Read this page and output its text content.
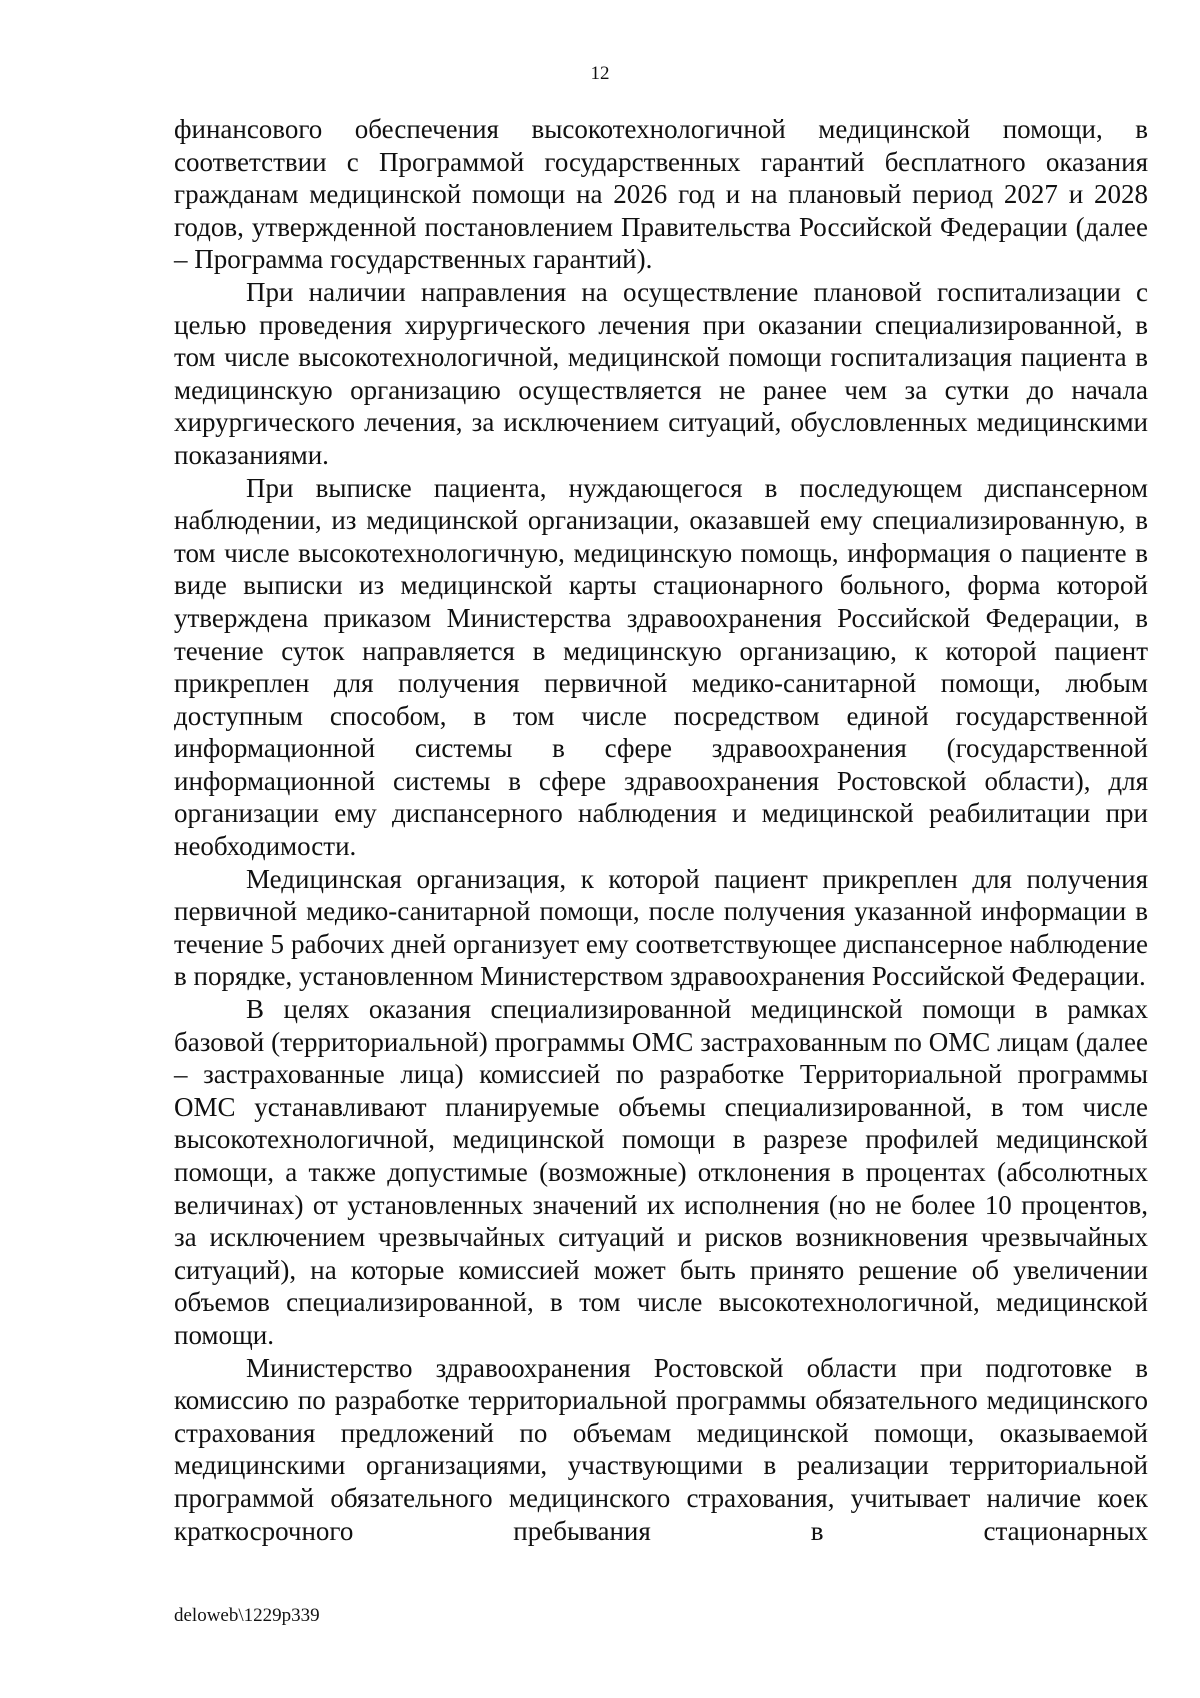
12

финансового обеспечения высокотехнологичной медицинской помощи, в соответствии с Программой государственных гарантий бесплатного оказания гражданам медицинской помощи на 2026 год и на плановый период 2027 и 2028 годов, утвержденной постановлением Правительства Российской Федерации (далее – Программа государственных гарантий).

При наличии направления на осуществление плановой госпитализации с целью проведения хирургического лечения при оказании специализированной, в том числе высокотехнологичной, медицинской помощи госпитализация пациента в медицинскую организацию осуществляется не ранее чем за сутки до начала хирургического лечения, за исключением ситуаций, обусловленных медицинскими показаниями.

При выписке пациента, нуждающегося в последующем диспансерном наблюдении, из медицинской организации, оказавшей ему специализированную, в том числе высокотехнологичную, медицинскую помощь, информация о пациенте в виде выписки из медицинской карты стационарного больного, форма которой утверждена приказом Министерства здравоохранения Российской Федерации, в течение суток направляется в медицинскую организацию, к которой пациент прикреплен для получения первичной медико-санитарной помощи, любым доступным способом, в том числе посредством единой государственной информационной системы в сфере здравоохранения (государственной информационной системы в сфере здравоохранения Ростовской области), для организации ему диспансерного наблюдения и медицинской реабилитации при необходимости.

Медицинская организация, к которой пациент прикреплен для получения первичной медико-санитарной помощи, после получения указанной информации в течение 5 рабочих дней организует ему соответствующее диспансерное наблюдение в порядке, установленном Министерством здравоохранения Российской Федерации.

В целях оказания специализированной медицинской помощи в рамках базовой (территориальной) программы ОМС застрахованным по ОМС лицам (далее – застрахованные лица) комиссией по разработке Территориальной программы ОМС устанавливают планируемые объемы специализированной, в том числе высокотехнологичной, медицинской помощи в разрезе профилей медицинской помощи, а также допустимые (возможные) отклонения в процентах (абсолютных величинах) от установленных значений их исполнения (но не более 10 процентов, за исключением чрезвычайных ситуаций и рисков возникновения чрезвычайных ситуаций), на которые комиссией может быть принято решение об увеличении объемов специализированной, в том числе высокотехнологичной, медицинской помощи.

Министерство здравоохранения Ростовской области при подготовке в комиссию по разработке территориальной программы обязательного медицинского страхования предложений по объемам медицинской помощи, оказываемой медицинскими организациями, участвующими в реализации территориальной программой обязательного медицинского страхования, учитывает наличие коек краткосрочного пребывания в стационарных

deloweb\1229p339
